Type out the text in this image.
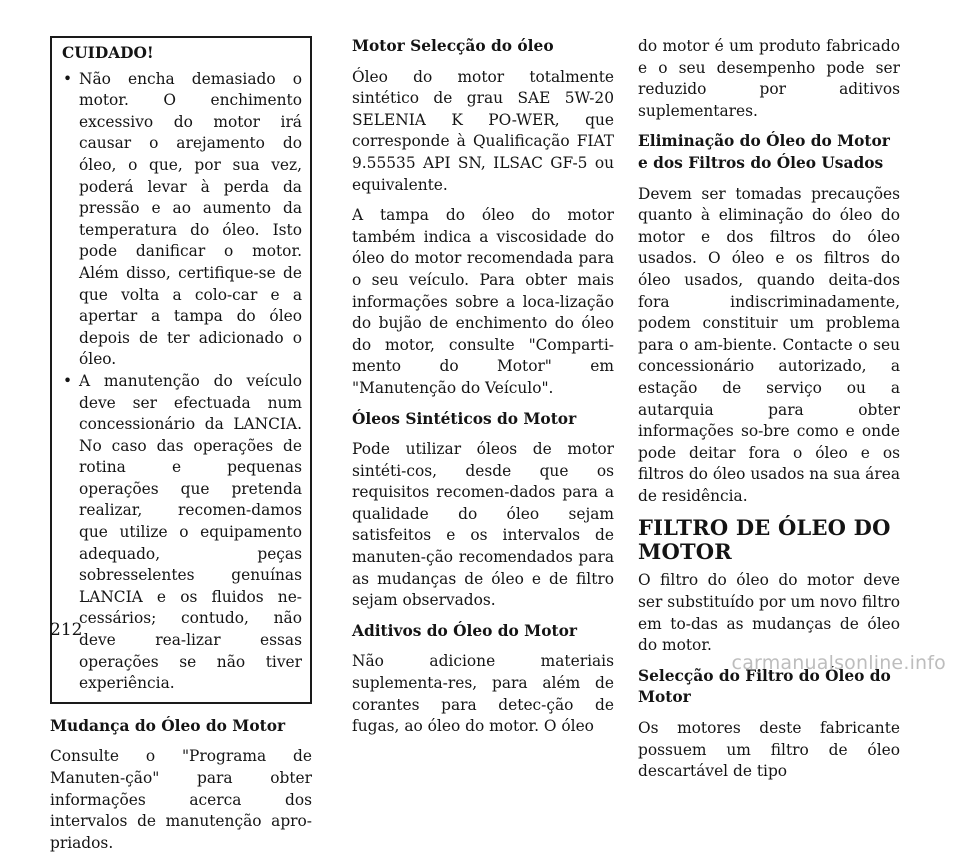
CUIDADO!
• Não encha demasiado o motor. O enchimento excessivo do motor irá causar o arejamento do óleo, o que, por sua vez, poderá levar à perda da pressão e ao aumento da temperatura do óleo. Isto pode danificar o motor. Além disso, certifique-se de que volta a colo-car e a apertar a tampa do óleo depois de ter adicionado o óleo.
• A manutenção do veículo deve ser efectuada num concessionário da LANCIA. No caso das operações de rotina e pequenas operações que pretenda realizar, recomen-damos que utilize o equipamento adequado, peças sobresselentes genuínas LANCIA e os fluidos ne-cessários; contudo, não deve rea-lizar essas operações se não tiver experiência.
Mudança do Óleo do Motor

Consulte o "Programa de Manuten-ção" para obter informações acerca dos intervalos de manutenção apro-priados.

Motor Selecção do óleo

Óleo do motor totalmente sintético de grau SAE 5W-20 SELENIA K PO-WER, que corresponde à Qualificação FIAT 9.55535 API SN, ILSAC GF-5 ou equivalente.

A tampa do óleo do motor também indica a viscosidade do óleo do motor recomendada para o seu veículo. Para obter mais informações sobre a loca-lização do bujão de enchimento do óleo do motor, consulte "Comparti-mento do Motor" em "Manutenção do Veículo".

Óleos Sintéticos do Motor

Pode utilizar óleos de motor sintéti-cos, desde que os requisitos recomen-dados para a qualidade do óleo sejam satisfeitos e os intervalos de manuten-ção recomendados para as mudanças de óleo e de filtro sejam observados.

Aditivos do Óleo do Motor

Não adicione materiais suplementa-res, para além de corantes para detec-ção de fugas, ao óleo do motor. O óleo

do motor é um produto fabricado e o seu desempenho pode ser reduzido por aditivos suplementares.

Eliminação do Óleo do Motor e dos Filtros do Óleo Usados

Devem ser tomadas precauções quanto à eliminação do óleo do motor e dos filtros do óleo usados. O óleo e os filtros do óleo usados, quando deita-dos fora indiscriminadamente, podem constituir um problema para o am-biente. Contacte o seu concessionário autorizado, a estação de serviço ou a autarquia para obter informações so-bre como e onde pode deitar fora o óleo e os filtros do óleo usados na sua área de residência.

FILTRO DE ÓLEO DO MOTOR

O filtro do óleo do motor deve ser substituído por um novo filtro em to-das as mudanças de óleo do motor.

Selecção do Filtro do Óleo do Motor

Os motores deste fabricante possuem um filtro de óleo descartável de tipo

212
carmanualsonline.info
